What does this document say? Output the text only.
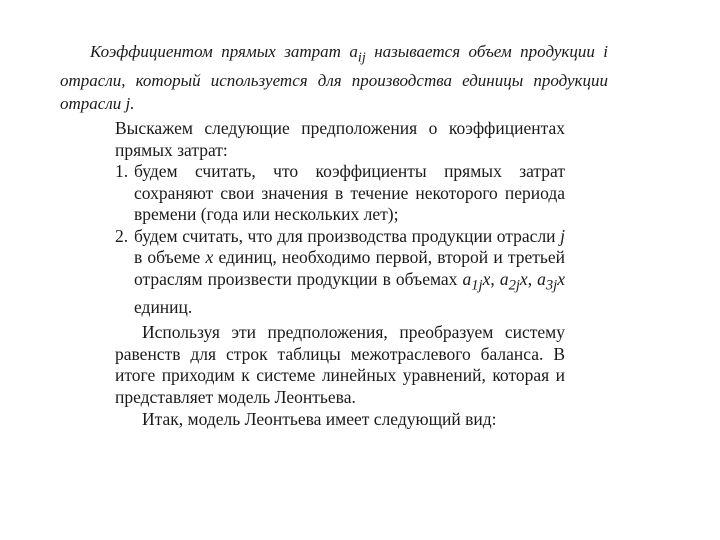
Коэффициентом прямых затрат $a_{ij}$ называется объем продукции i отрасли, который используется для производства единицы продукции отрасли j.

Выскажем следующие предположения о коэффициентах прямых затрат:

1. будем считать, что коэффициенты прямых затрат сохраняют свои значения в течение некоторого периода времени (года или нескольких лет);
2. будем считать, что для производства продукции отрасли j в объеме x единиц, необходимо первой, второй и третьей отраслям произвести продукции в объемах $a_{1j}x$, $a_{2j}x$, $a_{3j}x$ единиц.

Используя эти предположения, преобразуем систему равенств для строк таблицы межотраслевого баланса. В итоге приходим к системе линейных уравнений, которая и представляет модель Леонтьева.

Итак, модель Леонтьева имеет следующий вид:
